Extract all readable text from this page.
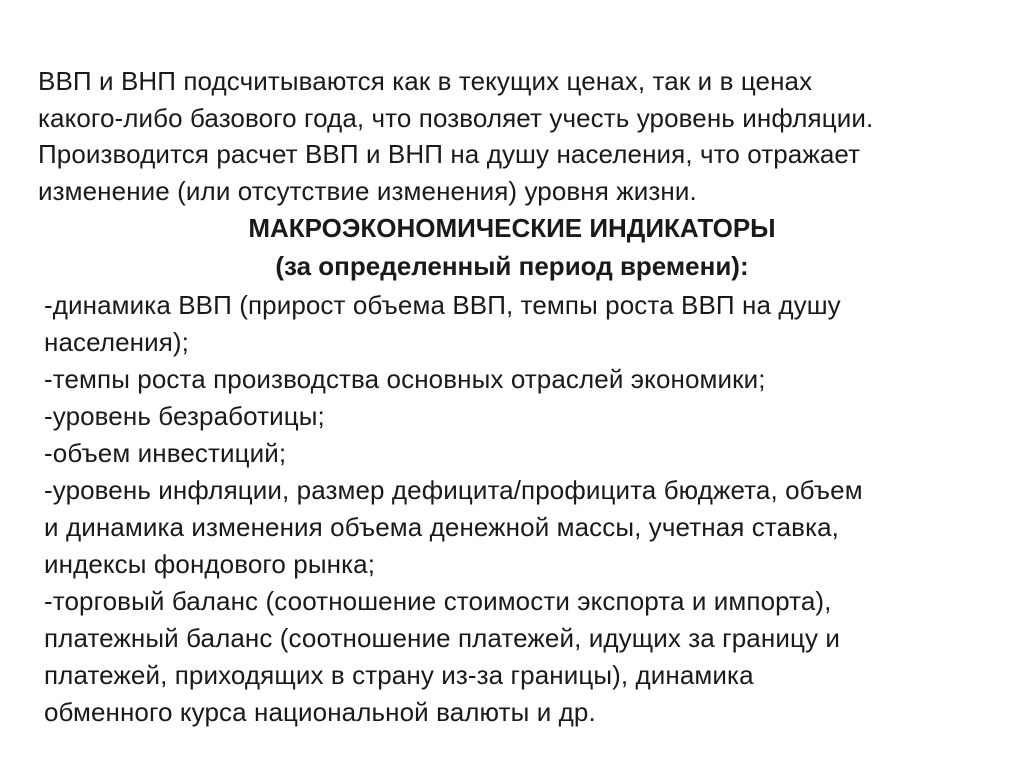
ВВП и ВНП подсчитываются как в текущих ценах, так и в ценах
какого-либо базового года, что позволяет учесть уровень инфляции.
Производится расчет ВВП и ВНП на душу населения, что отражает
изменение (или отсутствие изменения) уровня жизни.
МАКРОЭКОНОМИЧЕСКИЕ ИНДИКАТОРЫ
(за определенный период времени):
-динамика ВВП (прирост объема ВВП, темпы роста ВВП на душу
населения);
-темпы роста производства основных отраслей экономики;
-уровень безработицы;
-объем инвестиций;
-уровень инфляции, размер дефицита/профицита бюджета, объем
и динамика изменения объема денежной массы, учетная ставка,
индексы фондового рынка;
-торговый баланс (соотношение стоимости экспорта и импорта),
платежный баланс (соотношение платежей, идущих за границу и
платежей, приходящих в страну из-за границы), динамика
обменного курса национальной валюты и др.
